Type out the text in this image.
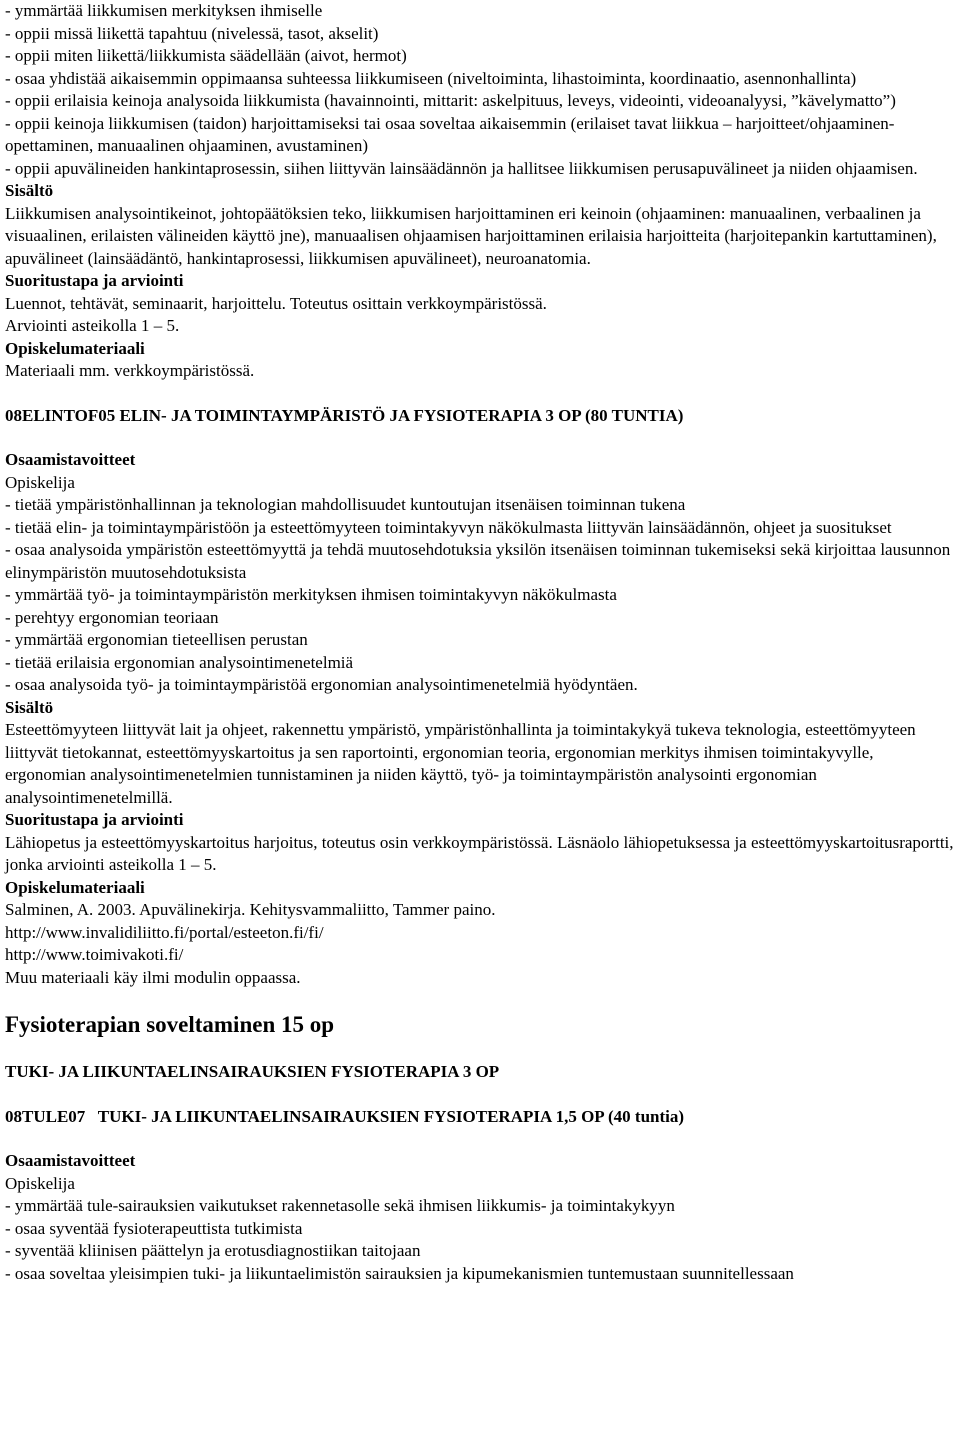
- ymmärtää liikkumisen merkityksen ihmiselle

- oppii missä liikettä tapahtuu (nivelessä, tasot, akselit)

- oppii miten liikettä/liikkumista säädellään (aivot, hermot)

- osaa yhdistää aikaisemmin oppimaansa suhteessa liikkumiseen (niveltoiminta, lihastoiminta, koordinaatio, asennonhallinta)

- oppii erilaisia keinoja analysoida liikkumista (havainnointi, mittarit: askelpituus, leveys, videointi, videoanalyysi, ”kävelymatto”)

- oppii keinoja liikkumisen (taidon) harjoittamiseksi tai osaa soveltaa aikaisemmin (erilaiset tavat liikkua – harjoitteet/ohjaaminen-opettaminen, manuaalinen ohjaaminen, avustaminen)

- oppii apuvälineiden hankintaprosessin, siihen liittyvän lainsäädännön ja hallitsee liikkumisen perusapuvälineet ja niiden ohjaamisen.

Sisältö

Liikkumisen analysointikeinot, johtopäätöksien teko, liikkumisen harjoittaminen eri keinoin (ohjaaminen: manuaalinen, verbaalinen ja visuaalinen, erilaisten välineiden käyttö jne), manuaalisen ohjaamisen harjoittaminen erilaisia harjoitteita (harjoitepankin kartuttaminen), apuvälineet (lainsäädäntö, hankintaprosessi, liikkumisen apuvälineet), neuroanatomia.

Suoritustapa ja arviointi

Luennot, tehtävät, seminaarit, harjoittelu. Toteutus osittain verkkoympäristössä.

Arviointi asteikolla 1 – 5.

Opiskelumateriaali

Materiaali mm. verkkoympäristössä.

08ELINTOF05 ELIN- JA TOIMINTAYMPÄRISTÖ JA FYSIOTERAPIA 3 OP (80 TUNTIA)

Osaamistavoitteet

Opiskelija

- tietää ympäristönhallinnan ja teknologian mahdollisuudet kuntoutujan itsenäisen toiminnan tukena

- tietää elin- ja toimintaympäristöön ja esteettömyyteen toimintakyvyn näkökulmasta liittyvän lainsäädännön, ohjeet ja suositukset

- osaa analysoida ympäristön esteettömyyttä ja tehdä muutosehdotuksia yksilön itsenäisen toiminnan tukemiseksi sekä kirjoittaa lausunnon elinympäristön muutosehdotuksista

- ymmärtää työ- ja toimintaympäristön merkityksen ihmisen toimintakyvyn näkökulmasta

- perehtyy ergonomian teoriaan

- ymmärtää ergonomian tieteellisen perustan

- tietää erilaisia ergonomian analysointimenetelmiä

- osaa analysoida työ- ja toimintaympäristöä ergonomian analysointimenetelmiä hyödyntäen.

Sisältö

Esteettömyyteen liittyvät lait ja ohjeet, rakennettu ympäristö, ympäristönhallinta ja toimintakykyä tukeva teknologia, esteettömyyteen liittyvät tietokannat, esteettömyyskartoitus ja sen raportointi, ergonomian teoria, ergonomian merkitys ihmisen toimintakyvylle, ergonomian analysointimenetelmien tunnistaminen ja niiden käyttö, työ- ja toimintaympäristön analysointi ergonomian analysointimenetelmillä.

Suoritustapa ja arviointi

Lähiopetus ja esteettömyyskartoitus harjoitus, toteutus osin verkkoympäristössä. Läsnäolo lähiopetuksessa ja esteettömyyskartoitusraportti, jonka arviointi asteikolla 1 – 5.

Opiskelumateriaali

Salminen, A. 2003. Apuvälinekirja. Kehitysvammaliitto, Tammer paino.

http://www.invalidiliitto.fi/portal/esteeton.fi/fi/

http://www.toimivakoti.fi/

Muu materiaali käy ilmi modulin oppaassa.

Fysioterapian soveltaminen 15 op

TUKI- JA LIIKUNTAELINSAIRAUKSIEN FYSIOTERAPIA 3 OP

08TULE07   TUKI- JA LIIKUNTAELINSAIRAUKSIEN FYSIOTERAPIA 1,5 OP (40 tuntia)

Osaamistavoitteet

Opiskelija

- ymmärtää tule-sairauksien vaikutukset rakennetasolle sekä ihmisen liikkumis- ja toimintakykyyn

- osaa syventää fysioterapeuttista tutkimista

- syventää kliinisen päättelyn ja erotusdiagnostiikan taitojaan

- osaa soveltaa yleisimpien tuki- ja liikuntaelimistön sairauksien ja kipumekanismien tuntemustaan suunnitellessaan
